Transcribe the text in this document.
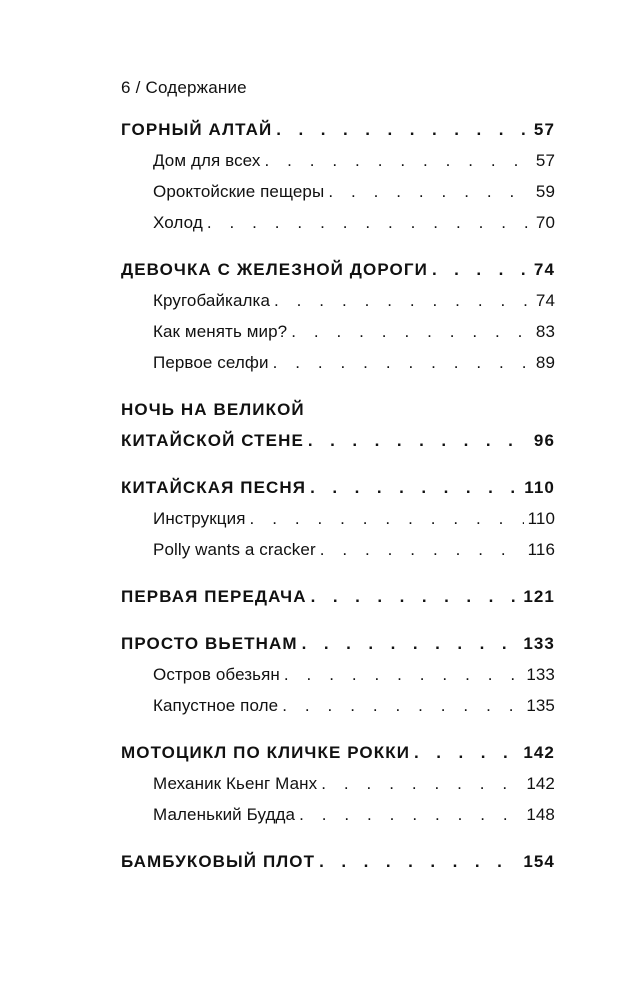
6 / Содержание
ГОРНЫЙ АЛТАЙ . . .	57
Дом для всех . . .	57
Ороктойские пещеры . . .	59
Холод . . .	70
ДЕВОЧКА С ЖЕЛЕЗНОЙ ДОРОГИ . . .	74
Кругобайкалка . . .	74
Как менять мир? . . .	83
Первое селфи . . .	89
НОЧЬ НА ВЕЛИКОЙ
КИТАЙСКОЙ СТЕНЕ . . .	96
КИТАЙСКАЯ ПЕСНЯ . . .	110
Инструкция . . .	110
Polly wants a cracker . . .	116
ПЕРВАЯ ПЕРЕДАЧА . . .	121
ПРОСТО ВЬЕТНАМ . . .	133
Остров обезьян . . .	133
Капустное поле . . .	135
МОТОЦИКЛ ПО КЛИЧКЕ РОККИ . . .	142
Механик Кьенг Манх . . .	142
Маленький Будда . . .	148
БАМБУКОВЫЙ ПЛОТ . . .	154
